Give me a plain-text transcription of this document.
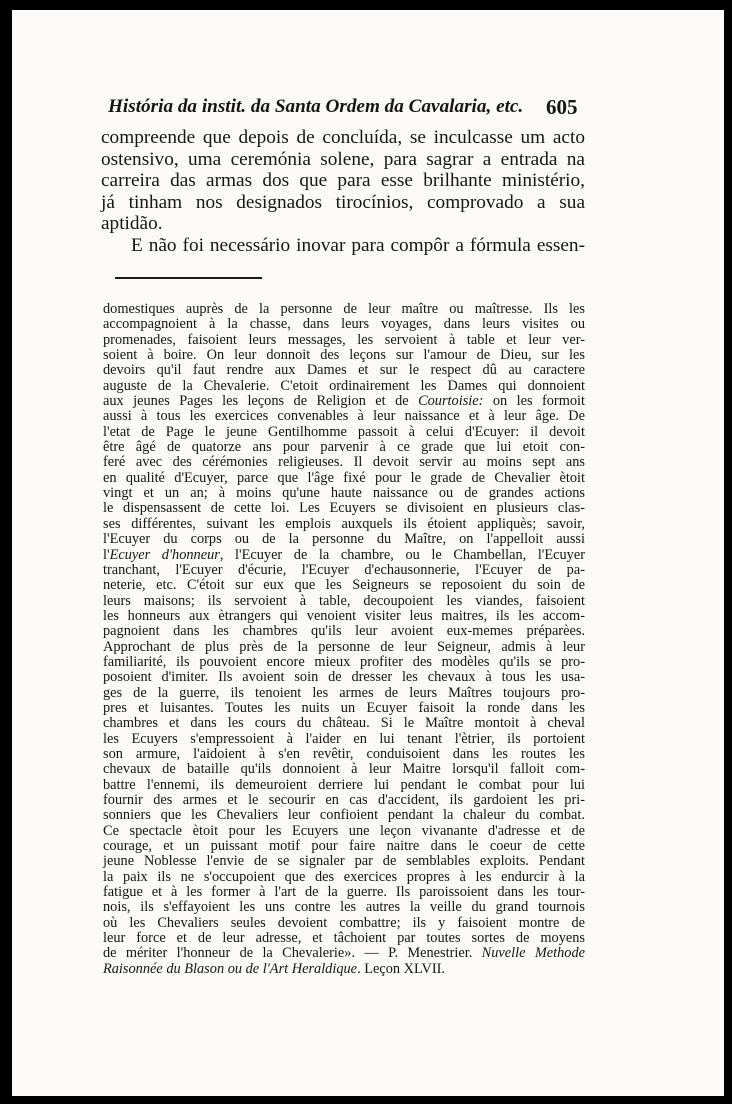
História da instit. da Santa Ordem da Cavalaria, etc.	605
compreende que depois de concluída, se inculcasse um acto
ostensivo, uma ceremónia solene, para sagrar a entrada na
carreira das armas dos que para esse brilhante ministério,
já tinham nos designados tirocínios, comprovado a sua
aptidão.
E não foi necessário inovar para compôr a fórmula essen-
domestiques auprès de la personne de leur maître ou maîtresse. Ils les
accompagnoient à la chasse, dans leurs voyages, dans leurs visites ou
promenades, faisoient leurs messages, les servoient à table et leur ver-
soient à boire. On leur donnoit des leçons sur l'amour de Dieu, sur les
devoirs qu'il faut rendre aux Dames et sur le respect dû au caractere
auguste de la Chevalerie. C'etoit ordinairement les Dames qui donnoient
aux jeunes Pages les leçons de Religion et de Courtoisie: on les formoit
aussi à tous les exercices convenables à leur naissance et à leur âge. De
l'etat de Page le jeune Gentilhomme passoit à celui d'Ecuyer: il devoit
être âgé de quatorze ans pour parvenir à ce grade que lui etoit con-
feré avec des cérémonies religieuses. Il devoit servir au moins sept ans
en qualité d'Ecuyer, parce que l'âge fixé pour le grade de Chevalier ètoit
vingt et un an; à moins qu'une haute naissance ou de grandes actions
le dispensassent de cette loi. Les Ecuyers se divisoient en plusieurs clas-
ses différentes, suivant les emplois auxquels ils étoient appliquès; savoir,
l'Ecuyer du corps ou de la personne du Maître, on l'appelloit aussi
l'Ecuyer d'honneur, l'Ecuyer de la chambre, ou le Chambellan, l'Ecuyer
tranchant, l'Ecuyer d'écurie, l'Ecuyer d'echausonnerie, l'Ecuyer de pa-
neterie, etc. C'étoit sur eux que les Seigneurs se reposoient du soin de
leurs maisons; ils servoient à table, decoupoient les viandes, faisoient
les honneurs aux ètrangers qui venoient visiter leus maitres, ils les accom-
pagnoient dans les chambres qu'ils leur avoient eux-memes préparèes.
Approchant de plus près de la personne de leur Seigneur, admis à leur
familiarité, ils pouvoient encore mieux profiter des modèles qu'ils se pro-
posoient d'imiter. Ils avoient soin de dresser les chevaux à tous les usa-
ges de la guerre, ils tenoient les armes de leurs Maîtres toujours pro-
pres et luisantes. Toutes les nuits un Ecuyer faisoit la ronde dans les
chambres et dans les cours du château. Si le Maître montoit à cheval
les Ecuyers s'empressoient à l'aider en lui tenant l'ètrier, ils portoient
son armure, l'aidoient à s'en revêtir, conduisoient dans les routes les
chevaux de bataille qu'ils donnoient à leur Maitre lorsqu'il falloit com-
battre l'ennemi, ils demeuroient derriere lui pendant le combat pour lui
fournir des armes et le secourir en cas d'accident, ils gardoient les pri-
sonniers que les Chevaliers leur confioient pendant la chaleur du combat.
Ce spectacle ètoit pour les Ecuyers une leçon vivanante d'adresse et de
courage, et un puissant motif pour faire naitre dans le coeur de cette
jeune Noblesse l'envie de se signaler par de semblables exploits. Pendant
la paix ils ne s'occupoient que des exercices propres à les endurcir à la
fatigue et à les former à l'art de la guerre. Ils paroissoient dans les tour-
nois, ils s'effayoient les uns contre les autres la veille du grand tournois
où les Chevaliers seules devoient combattre; ils y faisoient montre de
leur force et de leur adresse, et tâchoient par toutes sortes de moyens
de mériter l'honneur de la Chevalerie». — P. Menestrier. Nuvelle Methode
Raisonnée du Blason ou de l'Art Heraldique. Leçon XLVII.
